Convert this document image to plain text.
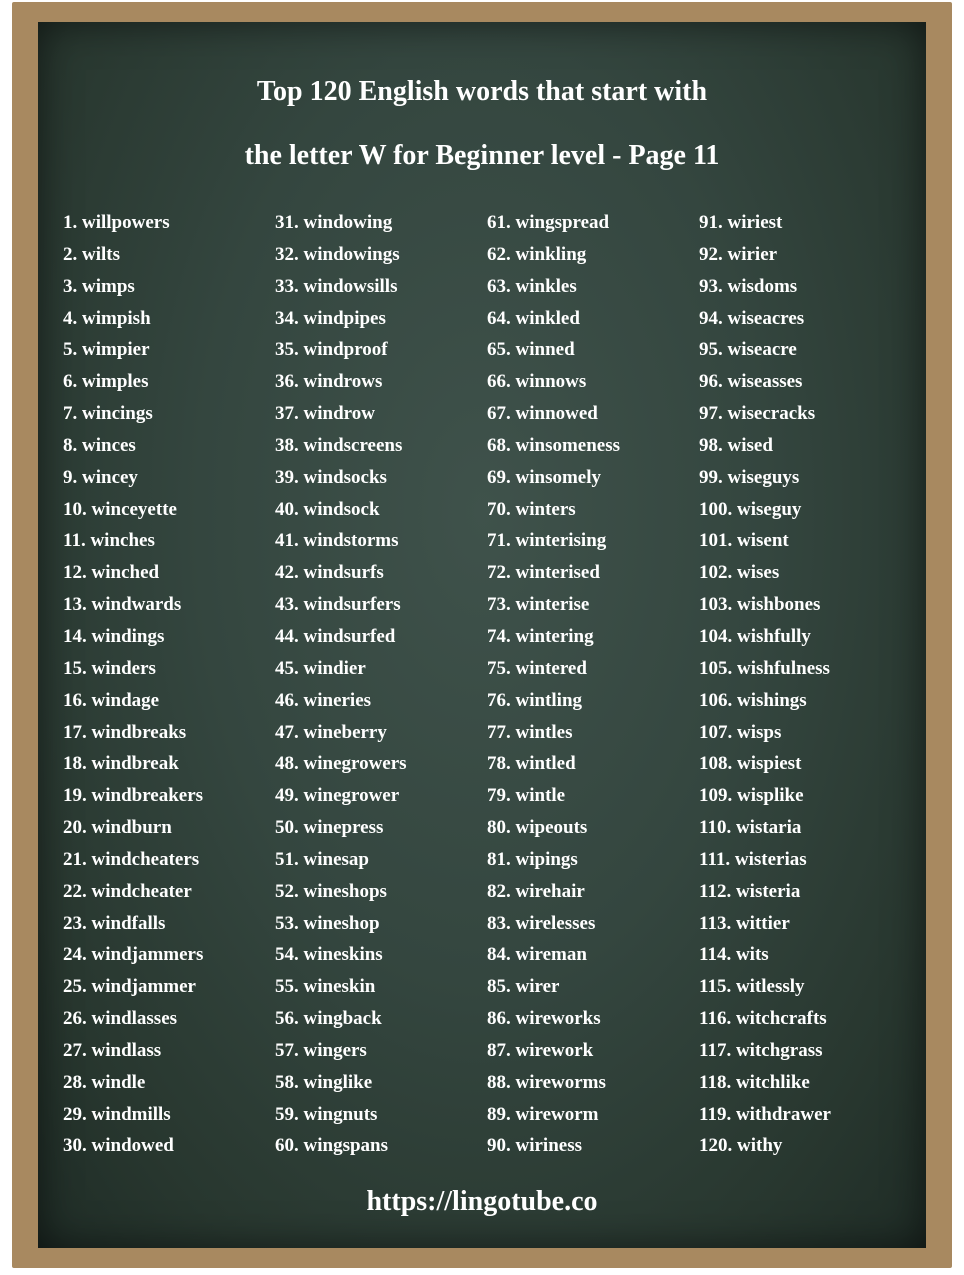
Top 120 English words that start with
the letter W for Beginner level - Page 11
1. willpowers
2. wilts
3. wimps
4. wimpish
5. wimpier
6. wimples
7. wincings
8. winces
9. wincey
10. winceyette
11. winches
12. winched
13. windwards
14. windings
15. winders
16. windage
17. windbreaks
18. windbreak
19. windbreakers
20. windburn
21. windcheaters
22. windcheater
23. windfalls
24. windjammers
25. windjammer
26. windlasses
27. windlass
28. windle
29. windmills
30. windowed
31. windowing
32. windowings
33. windowsills
34. windpipes
35. windproof
36. windrows
37. windrow
38. windscreens
39. windsocks
40. windsock
41. windstorms
42. windsurfs
43. windsurfers
44. windsurfed
45. windier
46. wineries
47. wineberry
48. winegrowers
49. winegrower
50. winepress
51. winesap
52. wineshops
53. wineshop
54. wineskins
55. wineskin
56. wingback
57. wingers
58. winglike
59. wingnuts
60. wingspans
61. wingspread
62. winkling
63. winkles
64. winkled
65. winned
66. winnows
67. winnowed
68. winsomeness
69. winsomely
70. winters
71. winterising
72. winterised
73. winterise
74. wintering
75. wintered
76. wintling
77. wintles
78. wintled
79. wintle
80. wipeouts
81. wipings
82. wirehair
83. wirelesses
84. wireman
85. wirer
86. wireworks
87. wirework
88. wireworms
89. wireworm
90. wiriness
91. wiriest
92. wirier
93. wisdoms
94. wiseacres
95. wiseacre
96. wiseasses
97. wisecracks
98. wised
99. wiseguys
100. wiseguy
101. wisent
102. wises
103. wishbones
104. wishfully
105. wishfulness
106. wishings
107. wisps
108. wispiest
109. wisplike
110. wistaria
111. wisterias
112. wisteria
113. wittier
114. wits
115. witlessly
116. witchcrafts
117. witchgrass
118. witchlike
119. withdrawer
120. withy
https://lingotube.co
